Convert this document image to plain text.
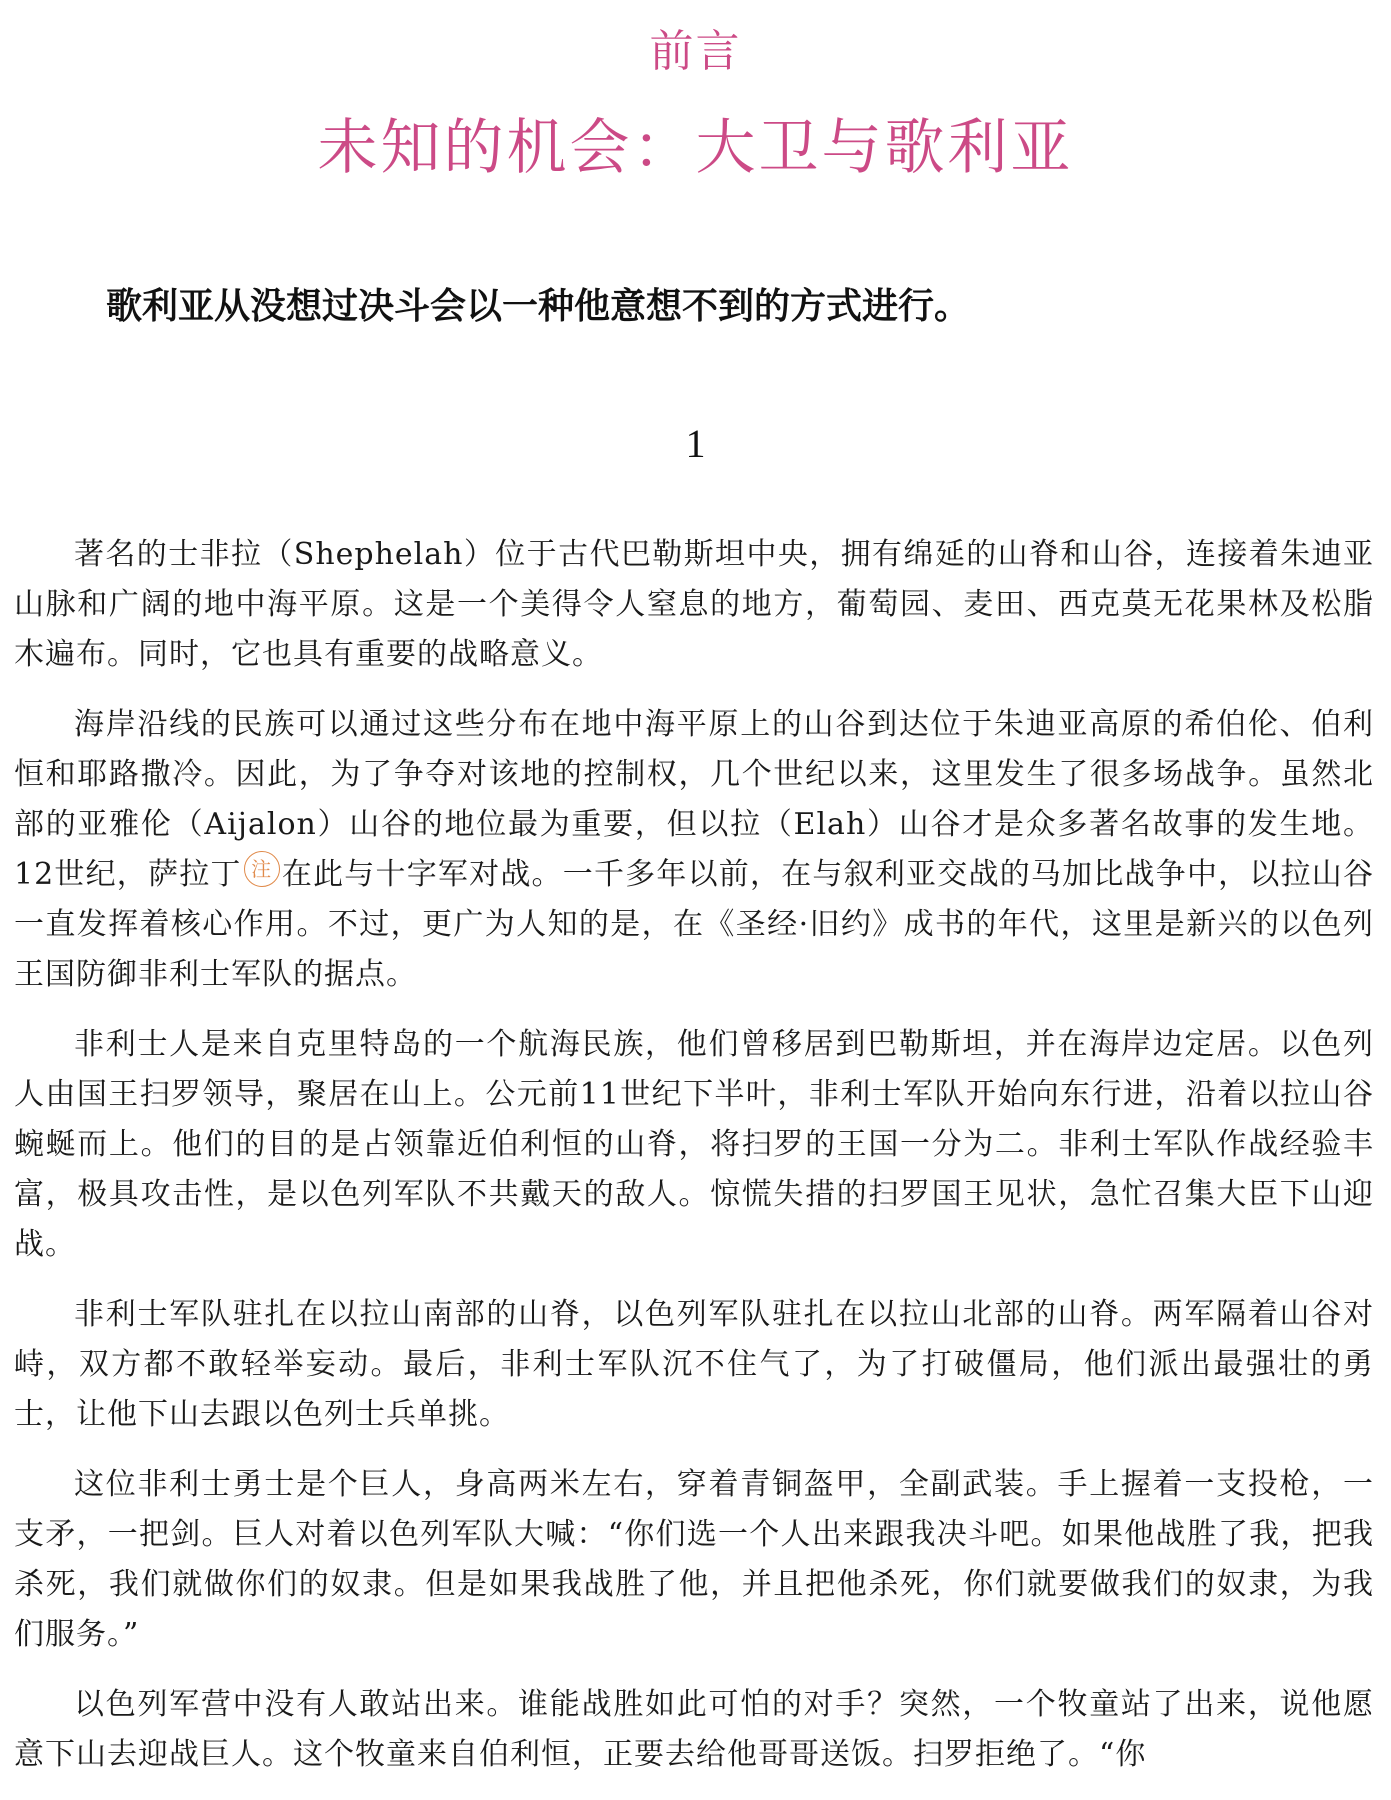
前言
未知的机会：大卫与歌利亚
歌利亚从没想过决斗会以一种他意想不到的方式进行。
1

著名的士非拉（Shephelah）位于古代巴勒斯坦中央，拥有绵延的山脊和山谷，连接着朱迪亚山脉和广阔的地中海平原。这是一个美得令人窒息的地方，葡萄园、麦田、西克莫无花果林及松脂木遍布。同时，它也具有重要的战略意义。

海岸沿线的民族可以通过这些分布在地中海平原上的山谷到达位于朱迪亚高原的希伯伦、伯利恒和耶路撒冷。因此，为了争夺对该地的控制权，几个世纪以来，这里发生了很多场战争。虽然北部的亚雅伦（Aijalon）山谷的地位最为重要，但以拉（Elah）山谷才是众多著名故事的发生地。12世纪，萨拉丁 注 在此与十字军对战。一千多年以前，在与叙利亚交战的马加比战争中，以拉山谷一直发挥着核心作用。不过，更广为人知的是，在《圣经·旧约》成书的年代，这里是新兴的以色列王国防御非利士军队的据点。

非利士人是来自克里特岛的一个航海民族，他们曾移居到巴勒斯坦，并在海岸边定居。以色列人由国王扫罗领导，聚居在山上。公元前11世纪下半叶，非利士军队开始向东行进，沿着以拉山谷蜿蜒而上。他们的目的是占领靠近伯利恒的山脊，将扫罗的王国一分为二。非利士军队作战经验丰富，极具攻击性，是以色列军队不共戴天的敌人。惊慌失措的扫罗国王见状，急忙召集大臣下山迎战。

非利士军队驻扎在以拉山南部的山脊，以色列军队驻扎在以拉山北部的山脊。两军隔着山谷对峙，双方都不敢轻举妄动。最后，非利士军队沉不住气了，为了打破僵局，他们派出最强壮的勇士，让他下山去跟以色列士兵单挑。

这位非利士勇士是个巨人，身高两米左右，穿着青铜盔甲，全副武装。手上握着一支投枪，一支矛，一把剑。巨人对着以色列军队大喊：“你们选一个人出来跟我决斗吧。如果他战胜了我，把我杀死，我们就做你们的奴隶。但是如果我战胜了他，并且把他杀死，你们就要做我们的奴隶，为我们服务。”

以色列军营中没有人敢站出来。谁能战胜如此可怕的对手？突然，一个牧童站了出来，说他愿意下山去迎战巨人。这个牧童来自伯利恒，正要去给他哥哥送饭。扫罗拒绝了。“你
